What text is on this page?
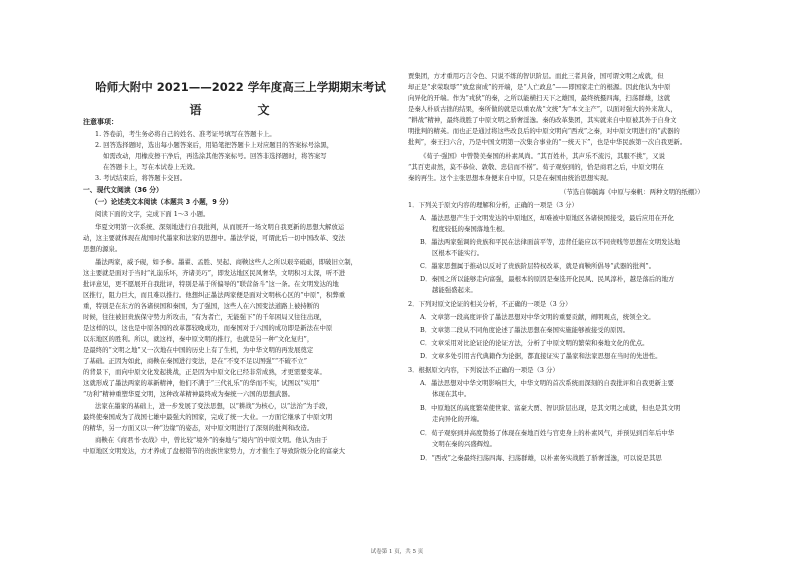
哈师大附中 2021——2022 学年度高三上学期期末考试
语　文
注意事项：
1. 答卷前，考生务必将自己的姓名、准考证号填写在答题卡上。
2. 回答选择题时，选出每小题答案后，用铅笔把答题卡上对应题目的答案标号涂黑，
如需改动，用橡皮擦干净后，再选涂其他答案标号。回答非选择题时，将答案写
在答题卡上，写在本试卷上无效。
3. 考试结束后，将答题卡交回。
一、现代文阅读（36 分）
（一）论述类文本阅读（本题共 3 小题，9 分）
阅读下面的文字，完成下面 1～3 小题。
华夏文明第一次系统、深刻地进行自我批判，从而展开一场文明自我更新的思想大解放运
动，这主要就体现在战国时代墨家和法家的思想中。墨法学说，可谓此后一切中国改革、变法
思想的源泉。
墨法两家，威予砚，如予参。墨翟、孟胜、吴起、商鞅这些人之所以艰辛砥砺，即破旧立制，
这主要就是面对于当时“礼崩乐坏，齐诸美巧”，即发达地区民风奢华，文明积习太深，听不进
批评意见，更不愿展开自我批评，特别是基于所偏导的“联营备斗”这一条。在文明发达的地
区推行，阻力巨大，而且难以推行。他想纠正墨法两家便是面对文明核心区的“中原”，积弊重
重，特别是在东方的各诸侯国和秦国，为了强国，这些人在六国变法道路上被持断的
时候，往往被旧贵族保守势力所攻击，“有为者亡，无能强下”的千年困局又往往出现，
是这样的以，这也是中原各国的改革都较晚成功，而秦国对于六国的成功即是新法在中原
以东地区的胜利。所以，就这样，秦中原文明的推行，也就是另一种“文化复归”，
是最终的“文明之地”又一次地在中国的历史上有了生机，为中华文明的再发展奠定
了基础。正因为如此，商鞅在秦国进行变法，是在“不变不足以图强”“不破不立”
的背景下，而向中原文化发起挑战，正是因为中原文化已经非常成熟，才更需要变革。
这就形成了墨法两家的革新精神，他们不满于“三代礼乐”的华而不实，试图以“实用”
“功利”精神重塑华夏文明，这种改革精神最终成为秦统一六国的思想武器。
法家在墨家的基础上，进一步发展了变法思想，以“耕战”为核心，以“法治”为手段，
最终使秦国成为了战国七雄中最强大的国家，完成了统一大业。一方面它继承了中原文明
的精华，另一方面又以一种“边缘”的姿态，对中原文明进行了深刻的批判和改造。
商鞅在《商君书·农战》中，曾比较“境外”的秦地与“境内”的中原文明。他认为由于
中原地区文明发达，方才养成了盘根错节的贵族世家势力，方才催生了导致阶级分化的富豪大
贾集团，方才重用巧言令色、只说不练的智识阶层。而此三者具备，国可谓文明之成就，但
却正是“求荣取辱”“致怠窗成”的开端，是“人亡政息”——即国家走亡的根源。因此他认为中原
向异化的开端。作为“戎狄”的秦，之所以能横扫天下之雄国，最终统摄四海，扫荡群雄，这就
是秦人朴质古拙的结果，秦所做的就是以重农战“文统”为“本文主产”，以面对强大的外来敌人，
“耕战”精神，最终战胜了中原文明之骄奢淫逸。秦的改革集团，其实就来自中原被其外于自身文
明批判的精英。而也正是通过将这些改良后的中原文明向“西戎”之秦，对中原文明进行的“武器的
批判”，秦王扫六合，乃是中国文明第一次集合事业的“一统天下”，也是中华民族第一次自我更新。
《荀子·强国》中曾赞美秦国的朴素风尚。“其百姓朴，其声乐不流污，其服不挑”，又说
“其百吏肃然，莫不恭俭、敦敬、忠信而不楛”。荀子观察到的，恰是商君之后，中原文明在
秦的再生。这个主张思想本身便来自中原，只是在秦国由统治思想实现。
（节选自韩毓海《中原与秦帆：两种文明的纸棚》）
1．下列关于原文内容的理解和分析，正确的一项是（3 分）
A．墨法思想产生于文明发达的中原地区，却难被中原地区各诸侯国接受，最后应用在开化
程度较低的秦国落地生根。
B．墨法两家强调的贵族和平民在法律面前平等，违背任能应以不同贵贱等思想在文明发达地
区根本不能实行。
C．墨家思想属于推动以反对了贵族阶层特权改革，就是商鞅所倡导“武器的批判”。
D．秦国之所以能够走向富强，最根本的原因是秦选开化民风、民风淳朴，越是落后的地方
越能强盛起来。
2．下列对原文论证的相关分析，不正确的一项是（3 分）
A．文章第一段高度评价了墨法思想对中华文明的重要贡献，阐明观点，统领全文。
B．文章第二段从不同角度论述了墨法思想在秦国实施能够被接受的原因。
C．文章采用对比论证论的论证方法，分析了中原文明的繁荣和秦地文化的优点。
D．文章多处引用古代典籍作为论据，都直接证实了墨家和法家思想在当时的先进性。
3．根据原文内容，下列说法不正确的一项是（3 分）
A．墨法思想对中华文明影响巨大，中华文明的首次系统而深刻的自我批评和自我更新主要
体现在其中。
B．中原地区的高度繁荣使世家、富豪大贾、智识阶层出现，是其文明之成就，但也是其文明
走向异化的开端。
C．荀子观察到并高度赞扬了体现在秦地百姓与官吏身上的朴素风气，并预见到百年后中华
文明在秦的兴盛辉煌。
D．“西戎”之秦最终扫荡四海、扫荡群雄，以朴素务实战胜了骄奢淫逸，可以说是其思
试卷第 1 页，共 5 页
